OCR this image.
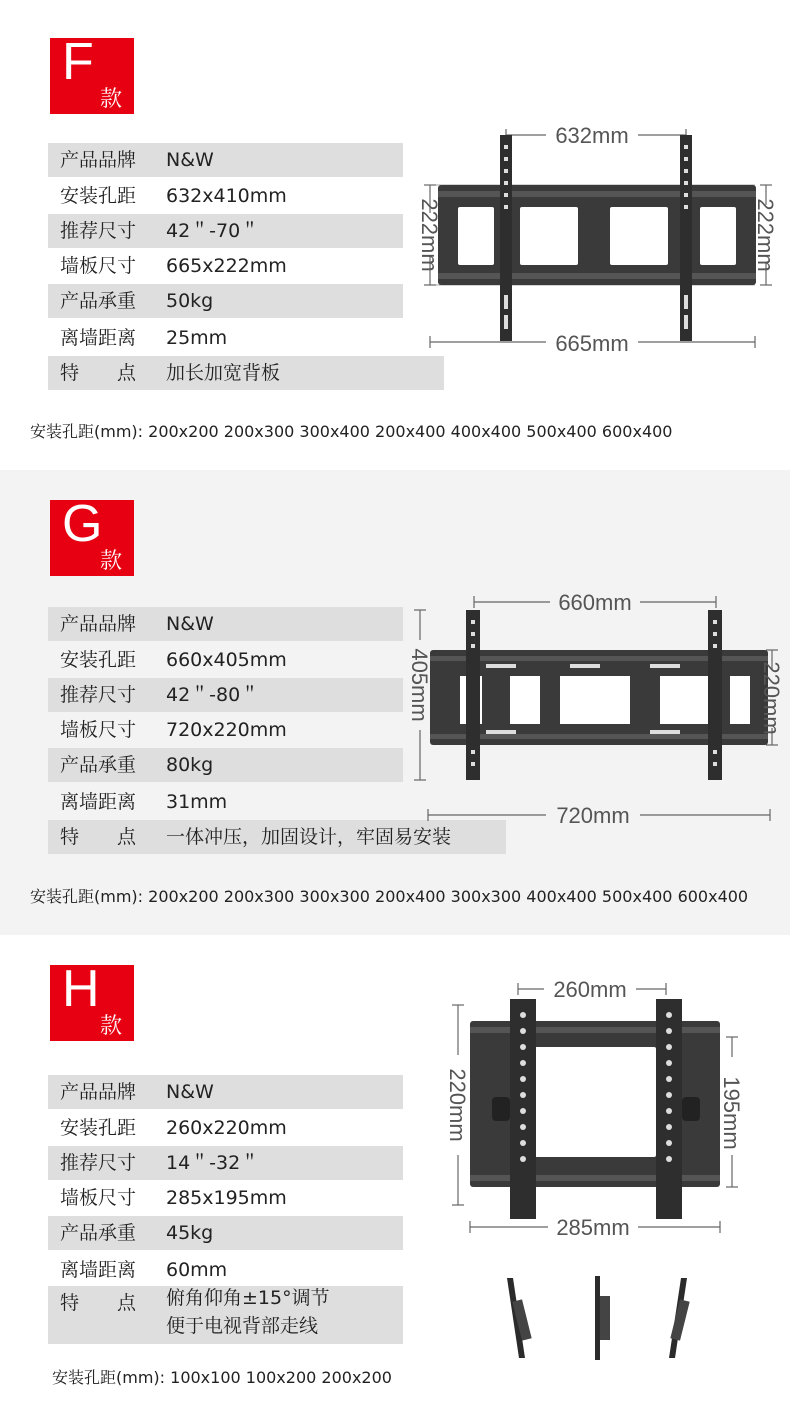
F
款
产品品牌 N&W
安装孔距 632x410mm
推荐尺寸 42＂-70＂
墙板尺寸 665x222mm
产品承重 50kg
离墙距离 25mm
特　　点 加长加宽背板
安装孔距(mm): 200x200 200x300 300x400 200x400 400x400 500x400 600x400
632mm
665mm
222mm	222mm
G
款
产品品牌 N&W
安装孔距 660x405mm
推荐尺寸 42＂-80＂
墙板尺寸 720x220mm
产品承重 80kg
离墙距离 31mm
特　　点 一体冲压，加固设计，牢固易安装
安装孔距(mm): 200x200 200x300 300x300 200x400 300x300 400x400 500x400 600x400
660mm
720mm
405mm	220mm
H
款
产品品牌 N&W
安装孔距 260x220mm
推荐尺寸 14＂-32＂
墙板尺寸 285x195mm
产品承重 45kg
离墙距离 60mm
特　　点 俯角仰角±15°调节
便于电视背部走线
安装孔距(mm): 100x100 100x200 200x200
260mm
285mm
220mm	195mm
